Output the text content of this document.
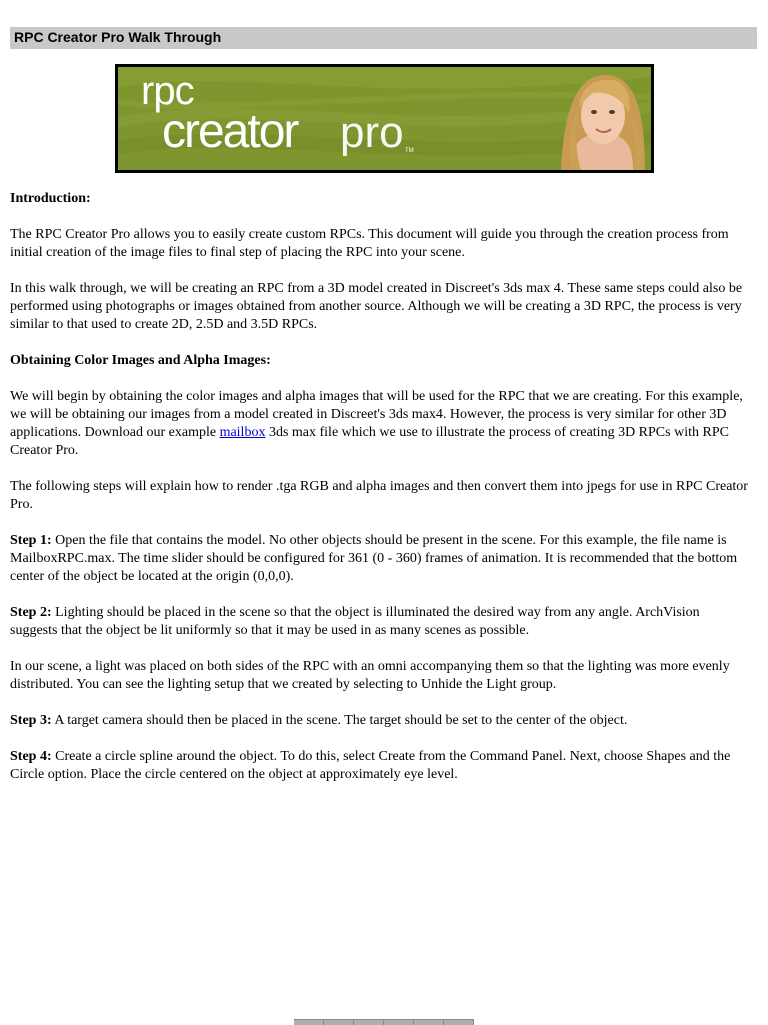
RPC Creator Pro Walk Through
rpc
creator pro TM
Introduction:

The RPC Creator Pro allows you to easily create custom RPCs. This document will guide you through the creation process from initial creation of the image files to final step of placing the RPC into your scene.

In this walk through, we will be creating an RPC from a 3D model created in Discreet's 3ds max 4. These same steps could also be performed using photographs or images obtained from another source. Although we will be creating a 3D RPC, the process is very similar to that used to create 2D, 2.5D and 3.5D RPCs.

Obtaining Color Images and Alpha Images:

We will begin by obtaining the color images and alpha images that will be used for the RPC that we are creating. For this example, we will be obtaining our images from a model created in Discreet's 3ds max4. However, the process is very similar for other 3D applications. Download our example mailbox 3ds max file which we use to illustrate the process of creating 3D RPCs with RPC Creator Pro.

The following steps will explain how to render .tga RGB and alpha images and then convert them into jpegs for use in RPC Creator Pro.

Step 1: Open the file that contains the model. No other objects should be present in the scene. For this example, the file name is MailboxRPC.max. The time slider should be configured for 361 (0 - 360) frames of animation. It is recommended that the bottom center of the object be located at the origin (0,0,0).

Step 2: Lighting should be placed in the scene so that the object is illuminated the desired way from any angle. ArchVision suggests that the object be lit uniformly so that it may be used in as many scenes as possible.

In our scene, a light was placed on both sides of the RPC with an omni accompanying them so that the lighting was more evenly distributed. You can see the lighting setup that we created by selecting to Unhide the Light group.

Step 3: A target camera should then be placed in the scene. The target should be set to the center of the object.

Step 4: Create a circle spline around the object. To do this, select Create from the Command Panel. Next, choose Shapes and the Circle option. Place the circle centered on the object at approximately eye level.
